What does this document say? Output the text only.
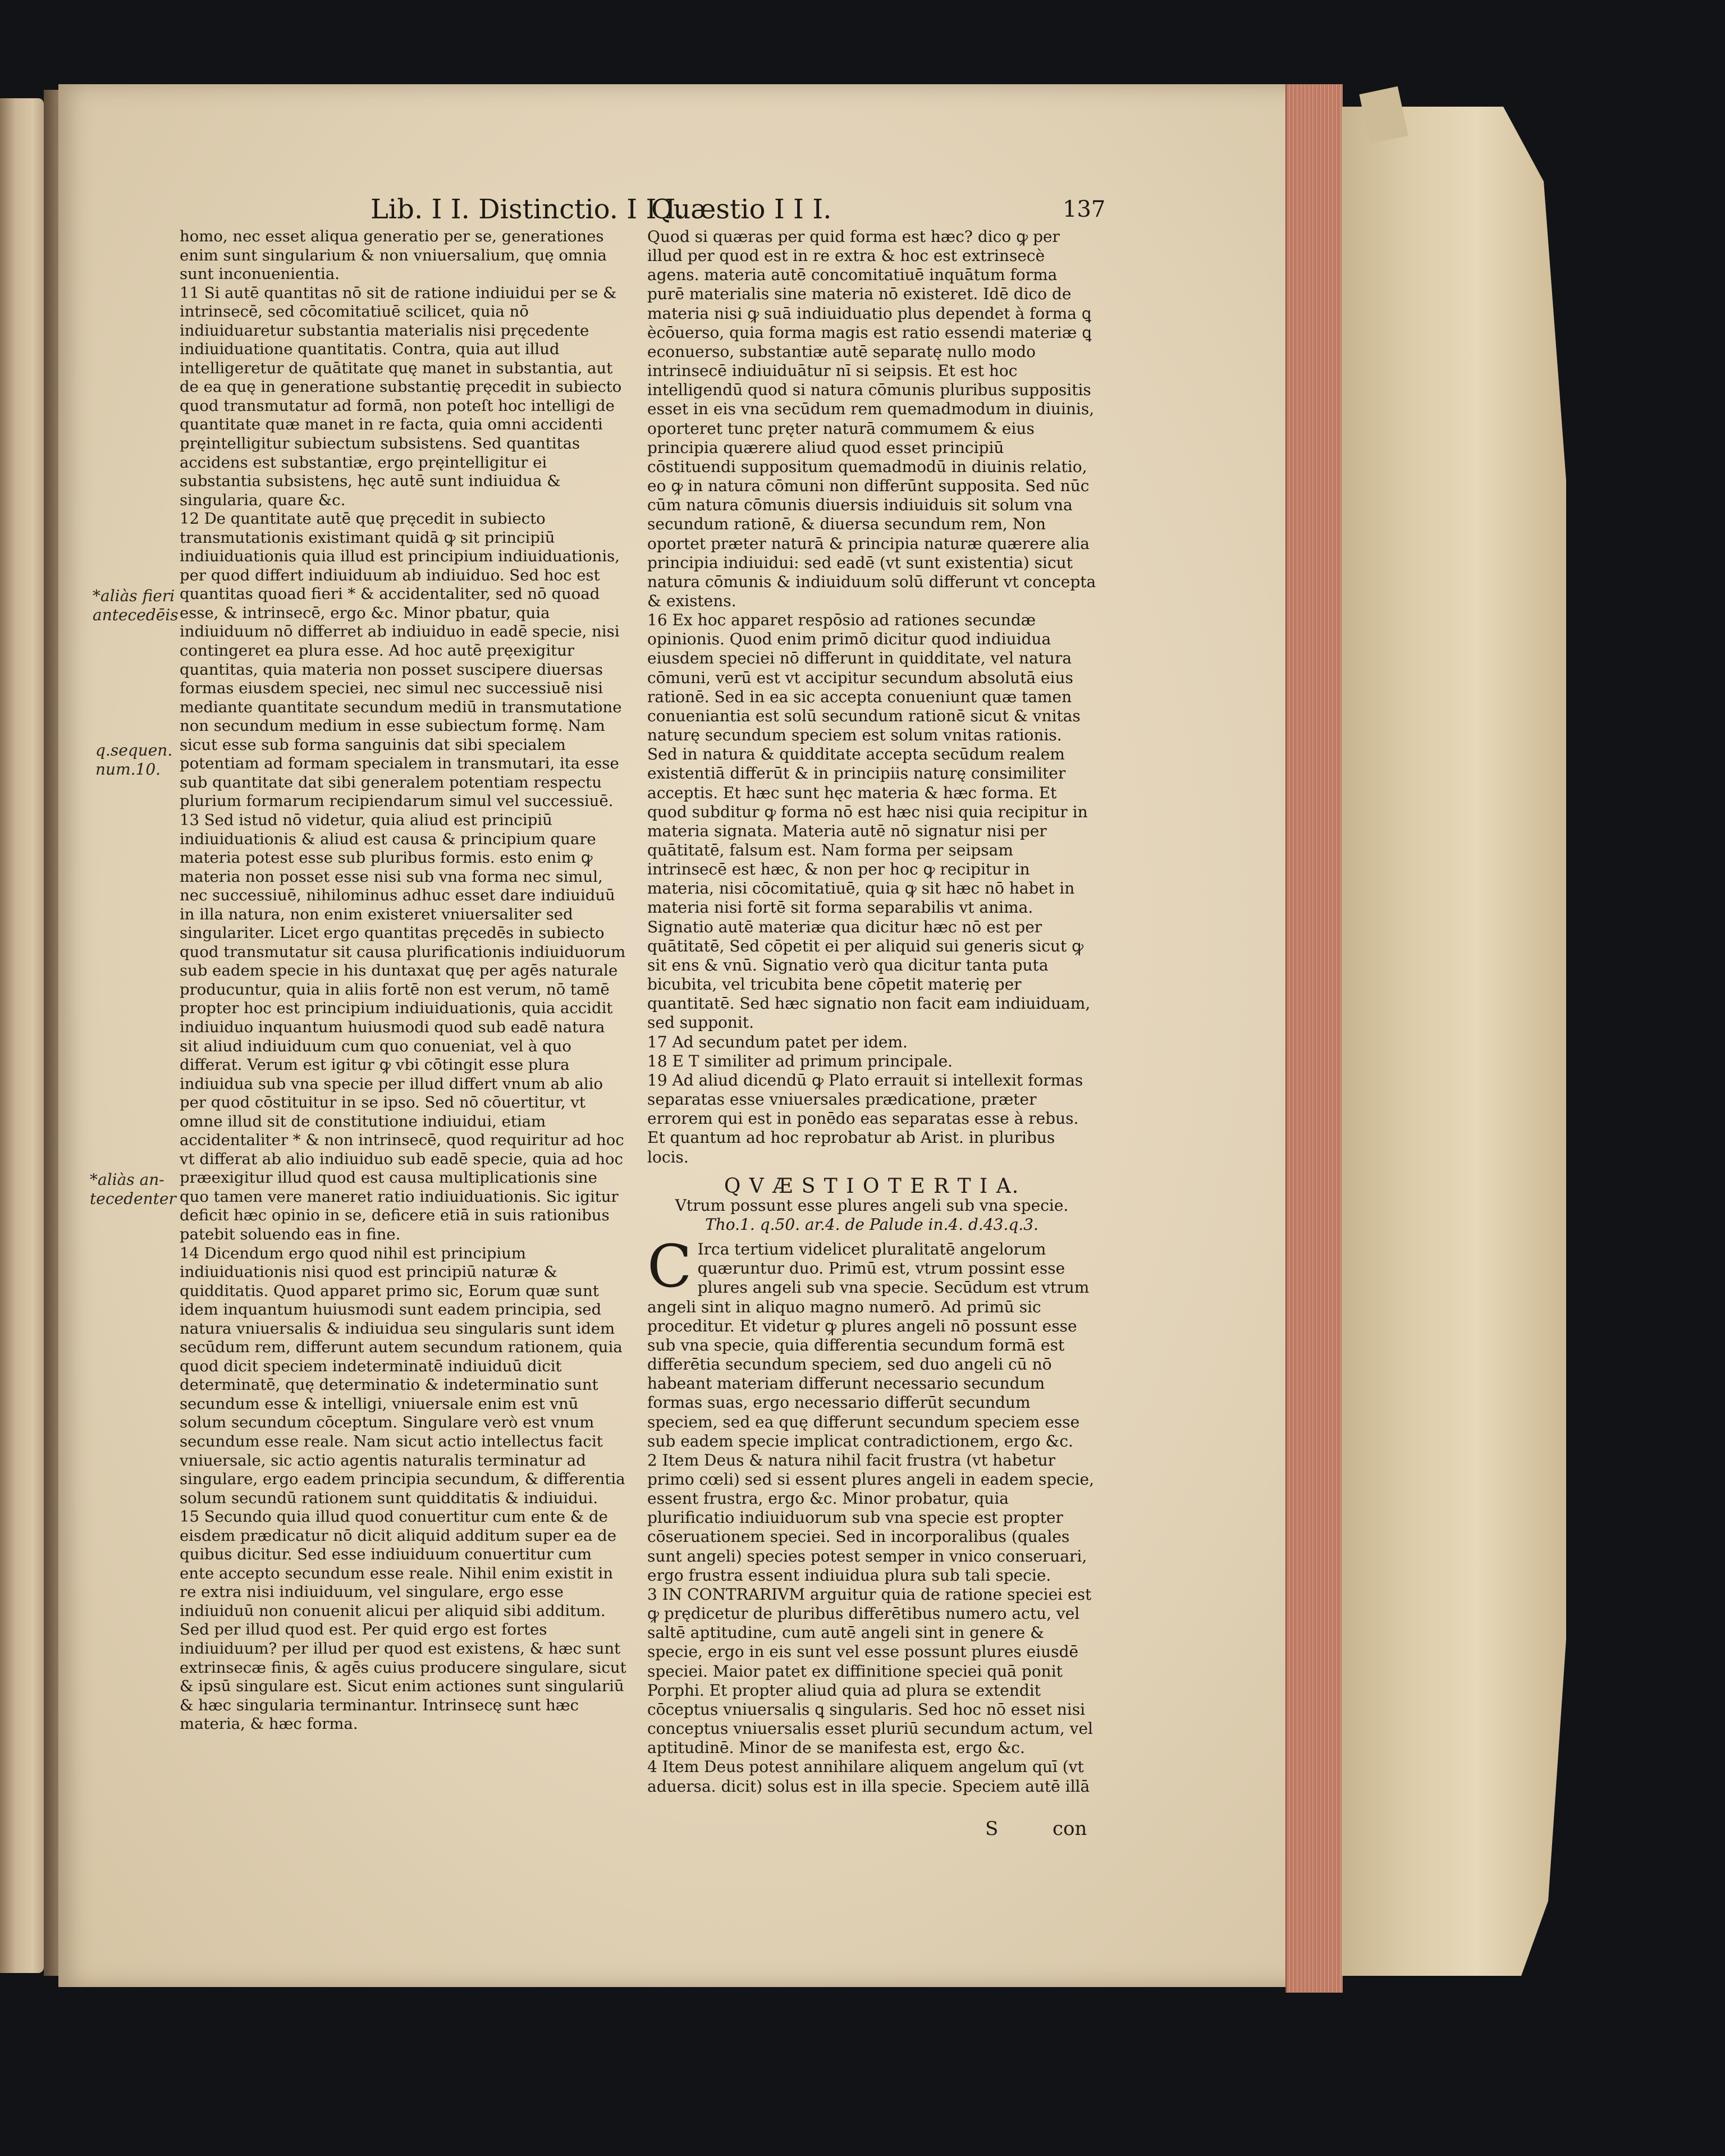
Lib. I I. Distinctio. I I I.
Quæstio I I I.	137
*aliàs fieri antecedēis
q.sequen. num.10.
*aliàs an- tecedenter

homo, nec esset aliqua generatio per se, generationes enim sunt singularium & non vniuersalium, quę omnia sunt inconuenientia.

11 Si autē quantitas nō sit de ratione indiuidui per se & intrinsecē, sed cōcomitatiuē scilicet, quia nō indiuiduaretur substantia materialis nisi pręcedente indiuiduatione quantitatis. Contra, quia aut illud intelligeretur de quātitate quę manet in substantia, aut de ea quę in generatione substantię pręcedit in subiecto quod transmutatur ad formā, non poteſt hoc intelligi de quantitate quæ manet in re facta, quia omni accidenti pręintelligitur subiectum subsistens. Sed quantitas accidens est substantiæ, ergo pręintelligitur ei substantia subsistens, hęc autē sunt indiuidua & singularia, quare &c.

12 De quantitate autē quę pręcedit in subiecto transmutationis existimant quidā ꝙ sit principiū indiuiduationis quia illud est principium indiuiduationis, per quod differt indiuiduum ab indiuiduo. Sed hoc est quantitas quoad fieri * & accidentaliter, sed nō quoad esse, & intrinsecē, ergo &c. Minor pbatur, quia indiuiduum nō differret ab indiuiduo in eadē specie, nisi contingeret ea plura esse. Ad hoc autē pręexigitur quantitas, quia materia non posset suscipere diuersas formas eiusdem speciei, nec simul nec successiuē nisi mediante quantitate secundum mediū in transmutatione non secundum medium in esse subiectum formę. Nam sicut esse sub forma sanguinis dat sibi specialem potentiam ad formam specialem in transmutari, ita esse sub quantitate dat sibi generalem potentiam respectu plurium formarum recipiendarum simul vel successiuē.

13 Sed istud nō videtur, quia aliud est principiū indiuiduationis & aliud est causa & principium quare materia potest esse sub pluribus formis. esto enim ꝙ materia non posset esse nisi sub vna forma nec simul, nec successiuē, nihilominus adhuc esset dare indiuiduū in illa natura, non enim existeret vniuersaliter sed singulariter. Licet ergo quantitas pręcedēs in subiecto quod transmutatur sit causa plurificationis indiuiduorum sub eadem specie in his duntaxat quę per agēs naturale producuntur, quia in aliis fortē non est verum, nō tamē propter hoc est principium indiuiduationis, quia accidit indiuiduo inquantum huiusmodi quod sub eadē natura sit aliud indiuiduum cum quo conueniat, vel à quo differat. Verum est igitur ꝙ vbi cōtingit esse plura indiuidua sub vna specie per illud differt vnum ab alio per quod cōstituitur in se ipso. Sed nō cōuertitur, vt omne illud sit de constitutione indiuidui, etiam accidentaliter * & non intrinsecē, quod requiritur ad hoc vt differat ab alio indiuiduo sub eadē specie, quia ad hoc præexigitur illud quod est causa multiplicationis sine quo tamen vere maneret ratio indiuiduationis. Sic igitur deficit hæc opinio in se, deficere etiā in suis rationibus patebit soluendo eas in fine.

14 Dicendum ergo quod nihil est principium indiuiduationis nisi quod est principiū naturæ & quidditatis. Quod apparet primo sic, Eorum quæ sunt idem inquantum huiusmodi sunt eadem principia, sed natura vniuersalis & indiuidua seu singularis sunt idem secūdum rem, differunt autem secundum rationem, quia quod dicit speciem indeterminatē indiuiduū dicit determinatē, quę determinatio & indeterminatio sunt secundum esse & intelligi, vniuersale enim est vnū solum secundum cōceptum. Singulare verò est vnum secundum esse reale. Nam sicut actio intellectus facit vniuersale, sic actio agentis naturalis terminatur ad singulare, ergo eadem principia secundum, & differentia solum secundū rationem sunt quidditatis & indiuidui.

15 Secundo quia illud quod conuertitur cum ente & de eisdem prædicatur nō dicit aliquid additum super ea de quibus dicitur. Sed esse indiuiduum conuertitur cum ente accepto secundum esse reale. Nihil enim existit in re extra nisi indiuiduum, vel singulare, ergo esse indiuiduū non conuenit alicui per aliquid sibi additum. Sed per illud quod est. Per quid ergo est fortes indiuiduum? per illud per quod est existens, & hæc sunt extrinsecæ finis, & agēs cuius producere singulare, sicut & ipsū singulare est. Sicut enim actiones sunt singulariū & hæc singularia terminantur. Intrinsecę sunt hæc materia, & hæc forma.

Quod si quæras per quid forma est hæc? dico ꝙ per illud per quod est in re extra & hoc est extrinsecè agens. materia autē concomitatiuē inquātum forma purē materialis sine materia nō existeret. Idē dico de materia nisi ꝙ suā indiuiduatio plus dependet à forma ꝗ ècōuerso, quia forma magis est ratio essendi materiæ ꝗ econuerso, substantiæ autē separatę nullo modo intrinsecē indiuiduātur nī si seipsis. Et est hoc intelligendū quod si natura cōmunis pluribus suppositis esset in eis vna secūdum rem quemadmodum in diuinis, oporteret tunc pręter naturā commumem & eius principia quærere aliud quod esset principiū cōstituendi suppositum quemadmodū in diuinis relatio, eo ꝙ in natura cōmuni non differūnt supposita. Sed nūc cūm natura cōmunis diuersis indiuiduis sit solum vna secundum rationē, & diuersa secundum rem, Non oportet præter naturā & principia naturæ quærere alia principia indiuidui: sed eadē (vt sunt existentia) sicut natura cōmunis & indiuiduum solū differunt vt concepta & existens.

16 Ex hoc apparet respōsio ad rationes secundæ opinionis. Quod enim primō dicitur quod indiuidua eiusdem speciei nō differunt in quidditate, vel natura cōmuni, verū est vt accipitur secundum absolutā eius rationē. Sed in ea sic accepta conueniunt quæ tamen conueniantia est solū secundum rationē sicut & vnitas naturę secundum speciem est solum vnitas rationis. Sed in natura & quidditate accepta secūdum realem existentiā differūt & in principiis naturę consimiliter acceptis. Et hæc sunt hęc materia & hæc forma. Et quod subditur ꝙ forma nō est hæc nisi quia recipitur in materia signata. Materia autē nō signatur nisi per quātitatē, falsum est. Nam forma per seipsam intrinsecē est hæc, & non per hoc ꝙ recipitur in materia, nisi cōcomitatiuē, quia ꝙ sit hæc nō habet in materia nisi fortē sit forma separabilis vt anima. Signatio autē materiæ qua dicitur hæc nō est per quātitatē, Sed cōpetit ei per aliquid sui generis sicut ꝙ sit ens & vnū. Signatio verò qua dicitur tanta puta bicubita, vel tricubita bene cōpetit materię per quantitatē. Sed hæc signatio non facit eam indiuiduam, sed supponit.

17 Ad secundum patet per idem.

18 E T similiter ad primum principale.

19 Ad aliud dicendū ꝙ Plato errauit si intellexit formas separatas esse vniuersales prædicatione, præter errorem qui est in ponēdo eas separatas esse à rebus. Et quantum ad hoc reprobatur ab Arist. in pluribus locis.

Q V Æ S T I O T E R T I A.

Vtrum possunt esse plures angeli sub vna specie.

Tho.1. q.50. ar.4. de Palude in.4. d.43.q.3.

C Irca tertium videlicet pluralitatē angelorum quæruntur duo. Primū est, vtrum possint esse plures angeli sub vna specie. Secūdum est vtrum angeli sint in aliquo magno numerō. Ad primū sic proceditur. Et videtur ꝙ plures angeli nō possunt esse sub vna specie, quia differentia secundum formā est differētia secundum speciem, sed duo angeli cū nō habeant materiam differunt necessario secundum formas suas, ergo necessario differūt secundum speciem, sed ea quę differunt secundum speciem esse sub eadem specie implicat contradictionem, ergo &c.

2 Item Deus & natura nihil facit frustra (vt habetur primo cœli) sed si essent plures angeli in eadem specie, essent frustra, ergo &c. Minor probatur, quia plurificatio indiuiduorum sub vna specie est propter cōseruationem speciei. Sed in incorporalibus (quales sunt angeli) species potest semper in vnico conseruari, ergo frustra essent indiuidua plura sub tali specie.

3 IN CONTRARIVM arguitur quia de ratione speciei est ꝙ prędicetur de pluribus differētibus numero actu, vel saltē aptitudine, cum autē angeli sint in genere & specie, ergo in eis sunt vel esse possunt plures eiusdē speciei. Maior patet ex diffinitione speciei quā ponit Porphi. Et propter aliud quia ad plura se extendit cōceptus vniuersalis ꝗ singularis. Sed hoc nō esset nisi conceptus vniuersalis esset pluriū secundum actum, vel aptitudinē. Minor de se manifesta est, ergo &c.

4 Item Deus potest annihilare aliquem angelum quī (vt aduersa. dicit) solus est in illa specie. Speciem autē illā

S	con
